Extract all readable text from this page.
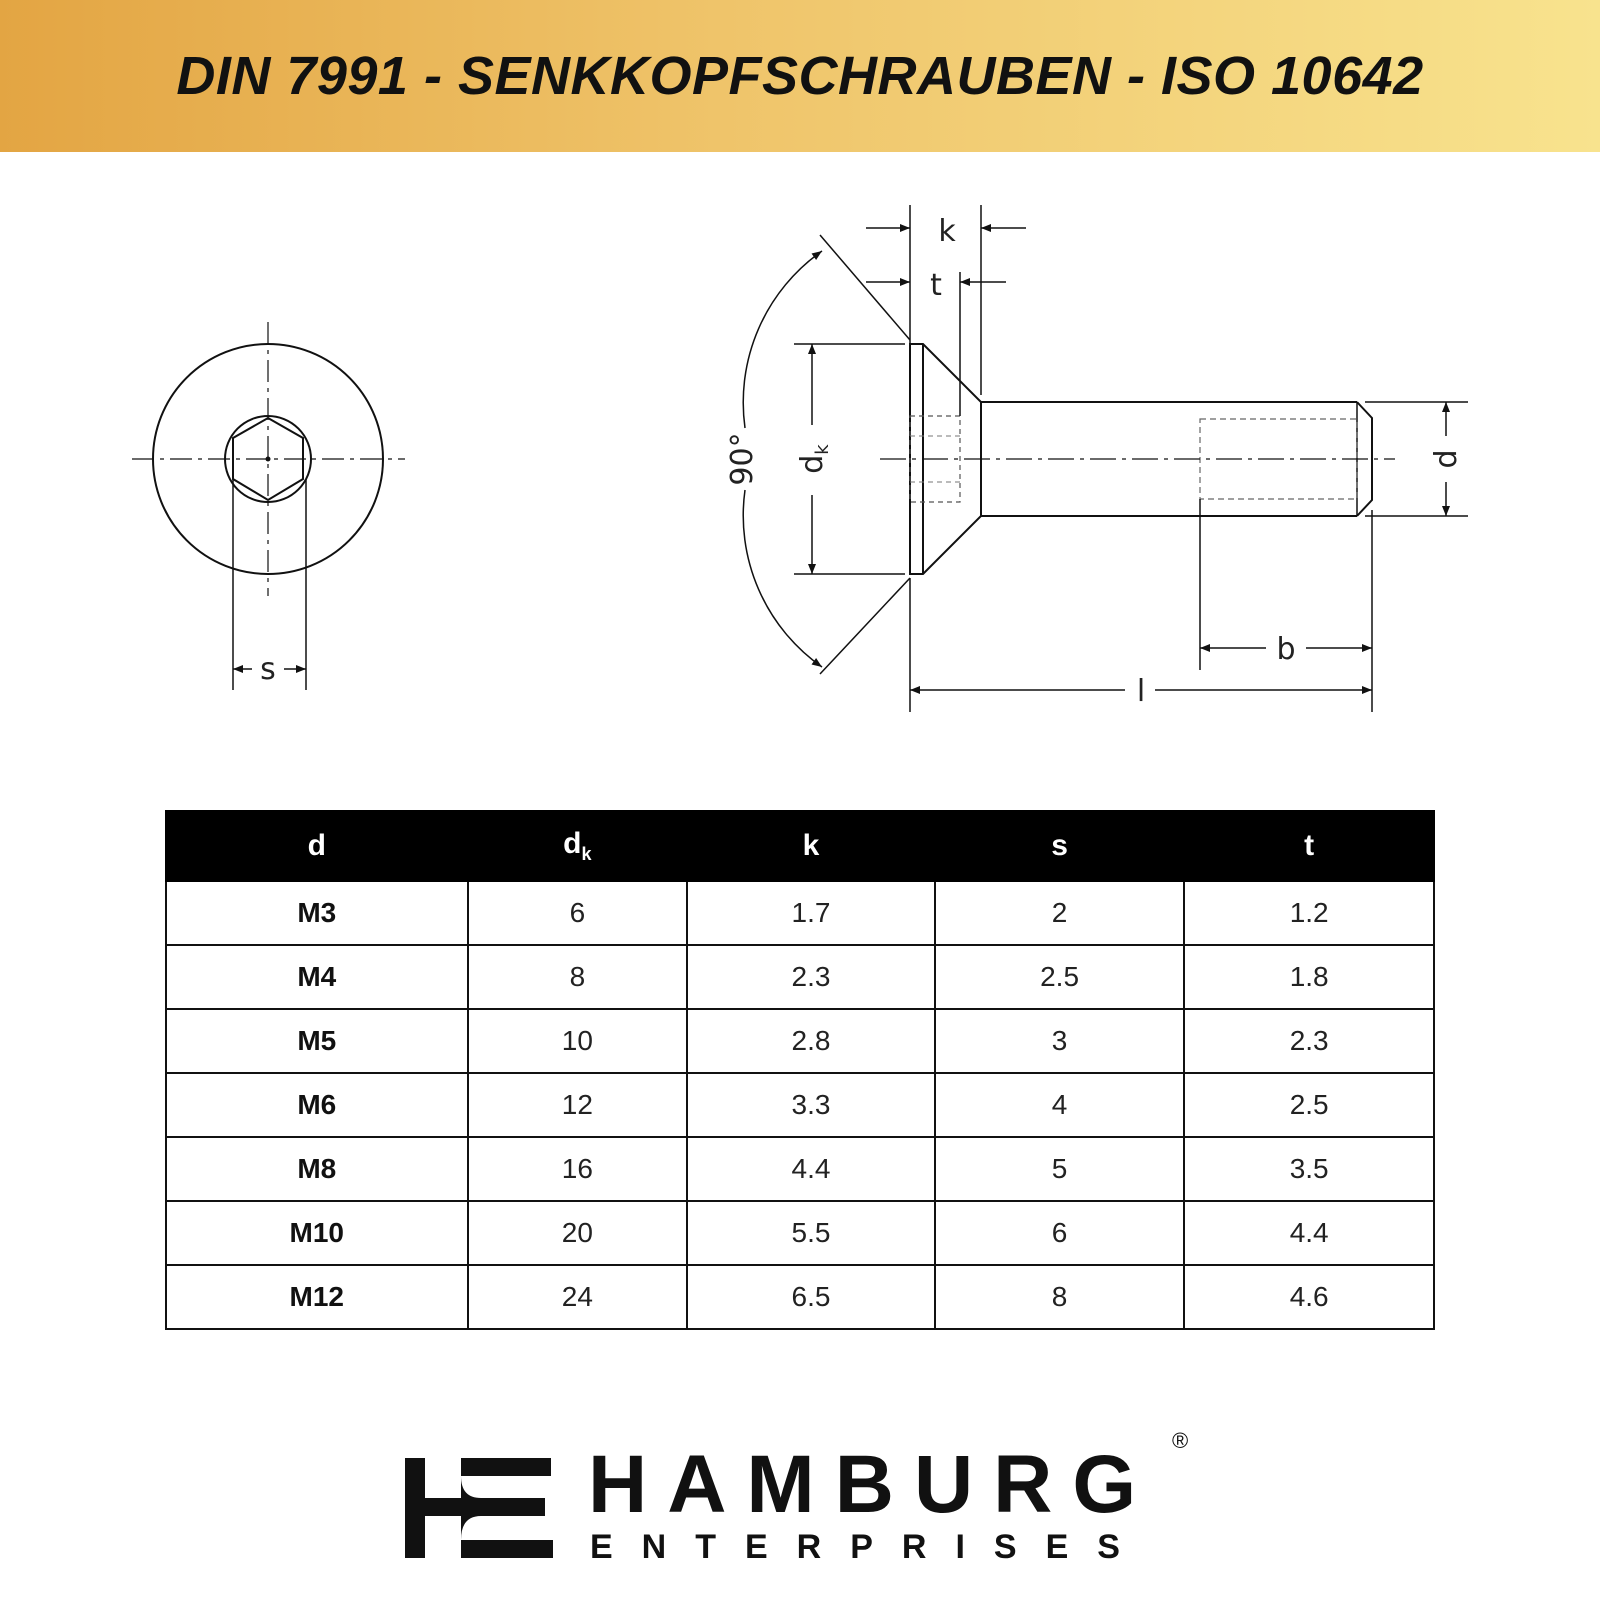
DIN 7991 - SENKKOPFSCHRAUBEN - ISO 10642
s
k
t
90° $d_k$	d
b
l
d	$d_k$	k	s	t
M3	6	1.7	2	1.2
M4	8	2.3	2.5	1.8
M5	10	2.8	3	2.3
M6	12	3.3	4	2.5
M8	16	4.4	5	3.5
M10	20	5.5	6	4.4
M12	24	6.5	8	4.6
HAMBURG ®
ENTERPRISES
